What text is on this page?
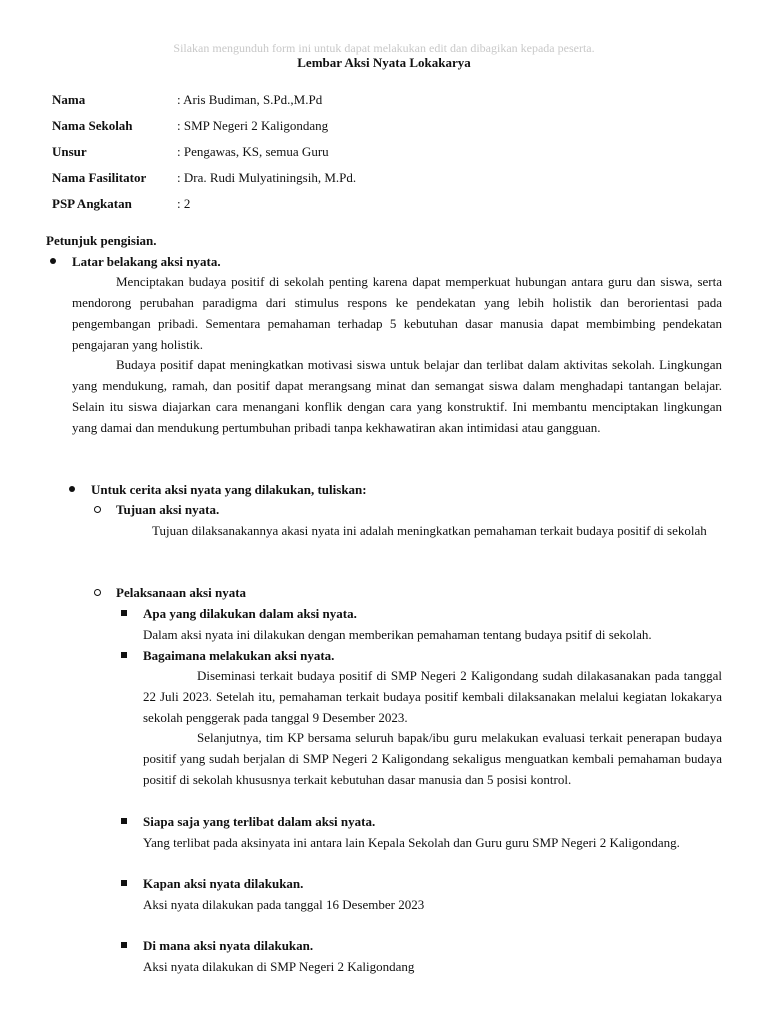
Silakan mengunduh form ini untuk dapat melakukan edit dan dibagikan kepada peserta.
Lembar Aksi Nyata Lokakarya
Nama	: Aris Budiman, S.Pd.,M.Pd
Nama Sekolah	: SMP Negeri 2 Kaligondang
Unsur	: Pengawas, KS, semua Guru
Nama Fasilitator	: Dra. Rudi Mulyatiningsih, M.Pd.
PSP Angkatan	: 2
Petunjuk pengisian.
Latar belakang aksi nyata.

Menciptakan budaya positif di sekolah penting karena dapat memperkuat hubungan antara guru dan siswa, serta mendorong perubahan paradigma dari stimulus respons ke pendekatan yang lebih holistik dan berorientasi pada pengembangan pribadi. Sementara pemahaman terhadap 5 kebutuhan dasar manusia dapat membimbing pendekatan pengajaran yang holistik.

Budaya positif dapat meningkatkan motivasi siswa untuk belajar dan terlibat dalam aktivitas sekolah. Lingkungan yang mendukung, ramah, dan positif dapat merangsang minat dan semangat siswa dalam menghadapi tantangan belajar. Selain itu siswa diajarkan cara menangani konflik dengan cara yang konstruktif. Ini membantu menciptakan lingkungan yang damai dan mendukung pertumbuhan pribadi tanpa kekhawatiran akan intimidasi atau gangguan.

Untuk cerita aksi nyata yang dilakukan, tuliskan:
Tujuan aksi nyata.

Tujuan dilaksanakannya akasi nyata ini adalah meningkatkan pemahaman terkait budaya positif di sekolah

Pelaksanaan aksi nyata
Apa yang dilakukan dalam aksi nyata.

Dalam aksi nyata ini dilakukan dengan memberikan pemahaman tentang budaya psitif di sekolah.

Bagaimana melakukan aksi nyata.

Diseminasi terkait budaya positif di SMP Negeri 2 Kaligondang sudah dilakasanakan pada tanggal 22 Juli 2023. Setelah itu, pemahaman terkait budaya positif kembali dilaksanakan melalui kegiatan lokakarya sekolah penggerak pada tanggal 9 Desember 2023.

Selanjutnya, tim KP bersama seluruh bapak/ibu guru melakukan evaluasi terkait penerapan budaya positif yang sudah berjalan di SMP Negeri 2 Kaligondang sekaligus menguatkan kembali pemahaman budaya positif di sekolah khususnya terkait kebutuhan dasar manusia dan 5 posisi kontrol.

Siapa saja yang terlibat dalam aksi nyata.

Yang terlibat pada aksinyata ini antara lain Kepala Sekolah dan Guru guru SMP Negeri 2 Kaligondang.

Kapan aksi nyata dilakukan.

Aksi nyata dilakukan pada tanggal 16 Desember 2023

Di mana aksi nyata dilakukan.

Aksi nyata dilakukan di SMP Negeri 2 Kaligondang
